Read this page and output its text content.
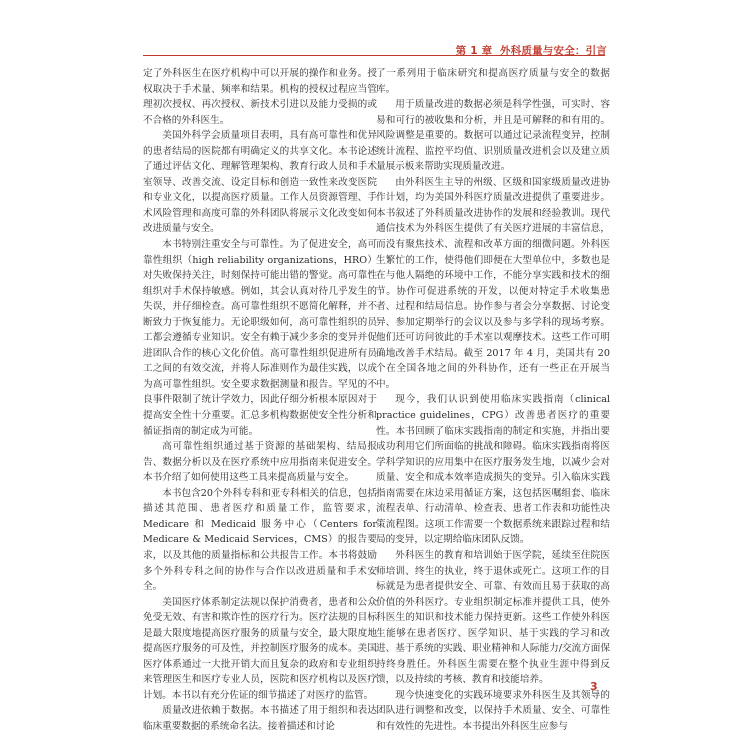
第 1 章 外科质量与安全：引言

定了外科医生在医疗机构中可以开展的操作和业务。授权取决于手术量、频率和结果。机构的授权过程应当管理初次授权、再次授权、新技术引进以及能力受损的或不合格的外科医生。

美国外科学会质量项目表明，具有高可靠性和优异的患者结局的医院都有明确定义的共享文化。本书论述了通过评估文化、理解管理架构、教育行政人员和手术室领导、改善交流、设定目标和创造一致性来改变医院和专业文化，以提高医疗质量。工作人员资源管理、手术风险管理和高度可靠的外科团队将展示文化改变如何改进质量与安全。

本书特别注重安全与可靠性。为了促进安全，高可靠性组织（high reliability organizations，HRO）对失败保持关注，时刻保持可能出错的警觉。高可靠性组织对手术保持敏感。例如，其会认真对待几乎发生的失误，并仔细检查。高可靠性组织不愿简化解释，并不断致力于恢复能力。无论职级如何，高可靠性组织的员工都会遵循专业知识。安全有赖于减少多余的变异并促进团队合作的核心文化价值。高可靠性组织促进所有员工之间的有效交流，并将人际准则作为最佳实践，以成为高可靠性组织。安全要求数据测量和报告。罕见的不良事件限制了统计学效力，因此仔细分析根本原因对于提高安全性十分重要。汇总多机构数据使安全性分析和循证指南的制定成为可能。

高可靠性组织通过基于资源的基础架构、结局报告、数据分析以及在医疗系统中应用指南来促进安全。本书介绍了如何使用这些工具来提高质量与安全。

本书包含20个外科专科和亚专科相关的信息，包括描述其范围、患者医疗和质量工作，监管要求，Medicare 和 Medicaid 服务中心（Centers for Medicare & Medicaid Services，CMS）的报告要求，以及其他的质量指标和公共报告工作。本书将鼓励多个外科专科之间的协作与合作以改进质量和手术安全。

美国医疗体系制定法规以保护消费者，患者和公众免受无效、有害和欺诈性的医疗行为。医疗法规的目标是最大限度地提高医疗服务的质量与安全，最大限度地提高医疗服务的可及性，并控制医疗服务的成本。美国医疗体系通过一大批开销大而且复杂的政府和专业组织来管理医生和医疗专业人员，医院和医疗机构以及医疗计划。本书以有充分佐证的细节描述了对医疗的监管。

质量改进依赖于数据。本书描述了用于组织和表达临床重要数据的系统命名法。接着描述和讨论

了一系列用于临床研究和提高医疗质量与安全的数据库。

用于质量改进的数据必须是科学性强，可实时、容易和可行的被收集和分析，并且是可解释的和有用的。风险调整是重要的。数据可以通过记录流程变异，控制统计流程、监控平均值、识别质量改进机会以及建立质量展示板来帮助实现质量改进。

由外科医生主导的州级、区级和国家级质量改进协作计划，均为美国外科医疗质量改进提供了重要进步。本书叙述了外科质量改进协作的发展和经验教训。现代通信技术为外科医生提供了有关医疗进展的丰富信息，而没有聚焦技术、流程和改革方面的细微问题。外科医生繁忙的工作，使得他们即便在大型单位中，多数也是在与他人隔绝的环境中工作，不能分享实践和技术的细节。协作可促进系统的开发，以便对特定手术收集患者、过程和结局信息。协作参与者会分享数据、讨论变异、参加定期举行的会议以及参与多学科的现场考察。他们还可访问彼此的手术室以观摩技术。这些工作可明确地改善手术结局。截至 2017 年 4 月，美国共有 20 个在全国各地之间的外科协作，还有一些正在开展当中。

现今，我们认识到使用临床实践指南（clinical practice guidelines，CPG）改善患者医疗的重要性。本书回顾了临床实践指南的制定和实施，并指出要成功利用它们所面临的挑战和障碍。临床实践指南将医学科学知识的应用集中在医疗服务发生地，以减少会对质量、安全和成本效率造成损失的变异。引入临床实践指南需要在床边采用循证方案，这包括医嘱组套、临床流程表单、行动清单、检查表、患者工作表和功能性决策流程图。这项工作需要一个数据系统来跟踪过程和结局的变异，以定期给临床团队反馈。

外科医生的教育和培训始于医学院，延续至住院医师培训、终生的执业，终于退休或死亡。这项工作的目标就是为患者提供安全、可靠、有效而且易于获取的高价值的外科医疗。专业组织制定标准并提供工具，使外科医生的知识和技术能力保持更新。这些工作使外科医生能够在患者医疗、医学知识、基于实践的学习和改进、基于系统的实践、职业精神和人际能力/交流方面保持终身胜任。外科医生需要在整个执业生涯中得到反馈，以及持续的考核、教育和技能培养。

现今快速变化的实践环境要求外科医生及其领导的团队进行调整和改变，以保持手术质量、安全、可靠性和有效性的先进性。本书提出外科医生应参与

3
